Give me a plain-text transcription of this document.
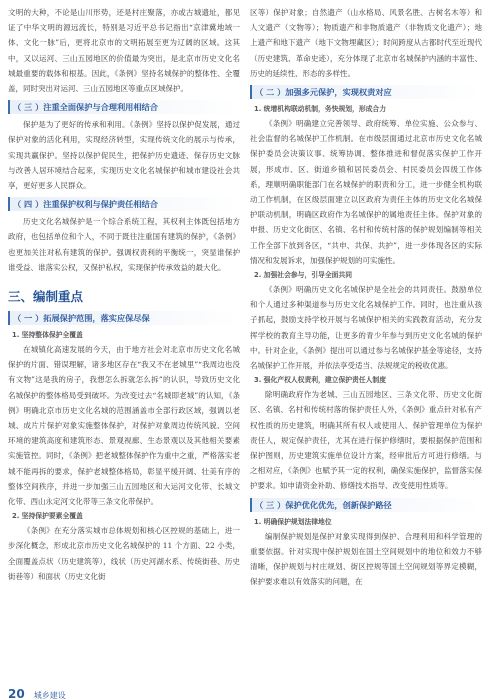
文明的大种，不论是山川形势，还是村庄聚落，亦或古城遗址，都见证了中华文明的源远流长，特别是习近平总书记指出“京津冀地域一体、文化一脉”后，更将北京市的文明拓展至更为辽阔的区域。这其中，又以运河、三山五园地区的价值最为突出，是北京市历史文化名城最重要的载体和根基。因此，《条例》坚持名城保护的整体性、全覆盖，同时突出对运河、三山五园地区等重点区域保护。

（ 三 ）注重全面保护与合理利用相结合

保护是为了更好的传承和利用。《条例》坚持以保护促发展，通过保护对象的活化利用，实现经济转型，实现传统文化的展示与传承，实现共赢保护。坚持以保护促民生，把保护历史遗迹、保存历史文脉与改善人居环境结合起来，实现历史文化名城保护和城市建设社会共享，更好更多人民群众。

（ 四 ）注重保护权利与保护责任相结合

历史文化名城保护是一个综合系统工程，其权利主体既包括地方政府，也包括单位和个人，不同于既往注重国有建筑的保护，《条例》也更加关注对私有建筑的保护。强调权责利的平衡统一，突显谁保护谁受益、谁落实公权，又保护私权，实现保护传承效益的最大化。

三、编制重点
（ 一 ）拓展保护范围，落实应保尽保
1. 坚持整体保护全覆盖

在城镇化高速发展的今天，由于地方社会对北京市历史文化名城保护的片面、错误理解，诸多地区存在“我又不在老城里”“我周边也没有文物”这是我的房子，我想怎么拆就怎么拆”的认识，导致历史文化名城保护的整体格局受到破坏。为改变过去“名城即老城”的认知，《条例》明确北京市历史文化名城的范围涵盖市全部行政区域，强调以老城、成片片保护对象实施整体保护，对保护对象周边传统风貌、空间环境的建筑高度和建筑形态、景观视廊、生态景观以及其他相关要素实施管控。同时，《条例》把老城整体保护作为重中之重，严格落实老城不能再拆的要求，保护老城整体格局，彰显平缓开阔、壮美有序的整体空间秩序，并进一步加强三山五园地区和大运河文化带、长城文化带、西山永定河文化带等三条文化带保护。

2. 坚持保护要素全覆盖

《条例》在充分落实城市总体规划和核心区控规的基础上，进一步深化概念，形成北京市历史文化名城保护的 11 个方面、22 小类，全面覆盖点状（历史建筑等），线状（历史河湖水系、传统街巷、历史街巷等）和面状（历史文化街

区等）保护对象；自然遗产（山水格局、风景名胜、古树名木等）和人文遗产（文物等）；物质遗产和非物质遗产（非物质文化遗产）；地上遗产和地下遗产（地下文物埋藏区）；时间跨度从古都时代至近现代（历史建筑、革命史迹），充分体现了北京市名城保护内涵的丰富性、历史的延续性、形态的多样性。

（ 二 ）加强多元保护，实现权责对应
1. 统增机构联动机制，务快规划，形成合力

《条例》明确建立完善领导、政府统筹、单位实施、公众参与、社会监督的名城保护工作机制。在市级层面通过北京市历史文化名城保护委员会决策议事、统筹协调、整体推进和督促落实保护工作开展，形成市、区、街道乡镇和居民委员会、村民委员会四级工作体系，理顺明确职能部门在名城保护的职责和分工，进一步健全机构联动工作机制，在区级层面建立以区政府为责任主体的历史文化名城保护联动机制，明确区政府作为名城保护的属地责任主体。保护对象的申报、历史文化街区、名镇、名村和传统村落的保护规划编制等相关工作全部下放到各区，“共申、共保、共护”，进一步体现各区的实际情况和发展诉求，加强保护规划的可实施性。

2. 加强社会参与，引导全面共同

《条例》明确历史文化名城保护是全社会的共同责任。鼓励单位和个人通过多种渠道参与历史文化名城保护工作。同时，也注重从孩子抓起，鼓励支持学校开展与名城保护相关的实践教育活动，充分发挥学校的教育主导功能，让更多的青少年参与到历史文化名城的保护中。针对企业，《条例》提出可以通过参与名城保护基金等途径，支持名城保护工作开展，并依法享受适当、法规规定的税收优惠。

3. 强化产权人权责利，建立保护责任人制度

除明确政府作为老城、三山五园地区、三条文化带、历史文化街区、名镇、名村和传统村落的保护责任人外，《条例》重点针对私有产权性质的历史建筑，明确其所有权人或使用人、保护管理单位为保护责任人，规定保护责任，尤其在进行保护修缮时，要根据保护范围和保护图则，历史建筑实施单位设计方案，经审批后方可进行修缮。与之相对应，《条例》也赋予其一定的权利，确保实施保护，监督落实保护要求。如申请资金补助、修缮技术指导、改变使用性质等。

（ 三 ）保护优化优先，创新保护路径
1. 明确保护规划法律地位

编制保护规划是保护对象实现得到保护、合理利用和科学管理的重要依据。针对实现中保护规划在国土空间规划中的地位和效力不够清晰，保护规划与村庄规划、街区控规等国土空间规划等界定模糊，保护要求难以有效落实的问题，在

20 城乡建设
